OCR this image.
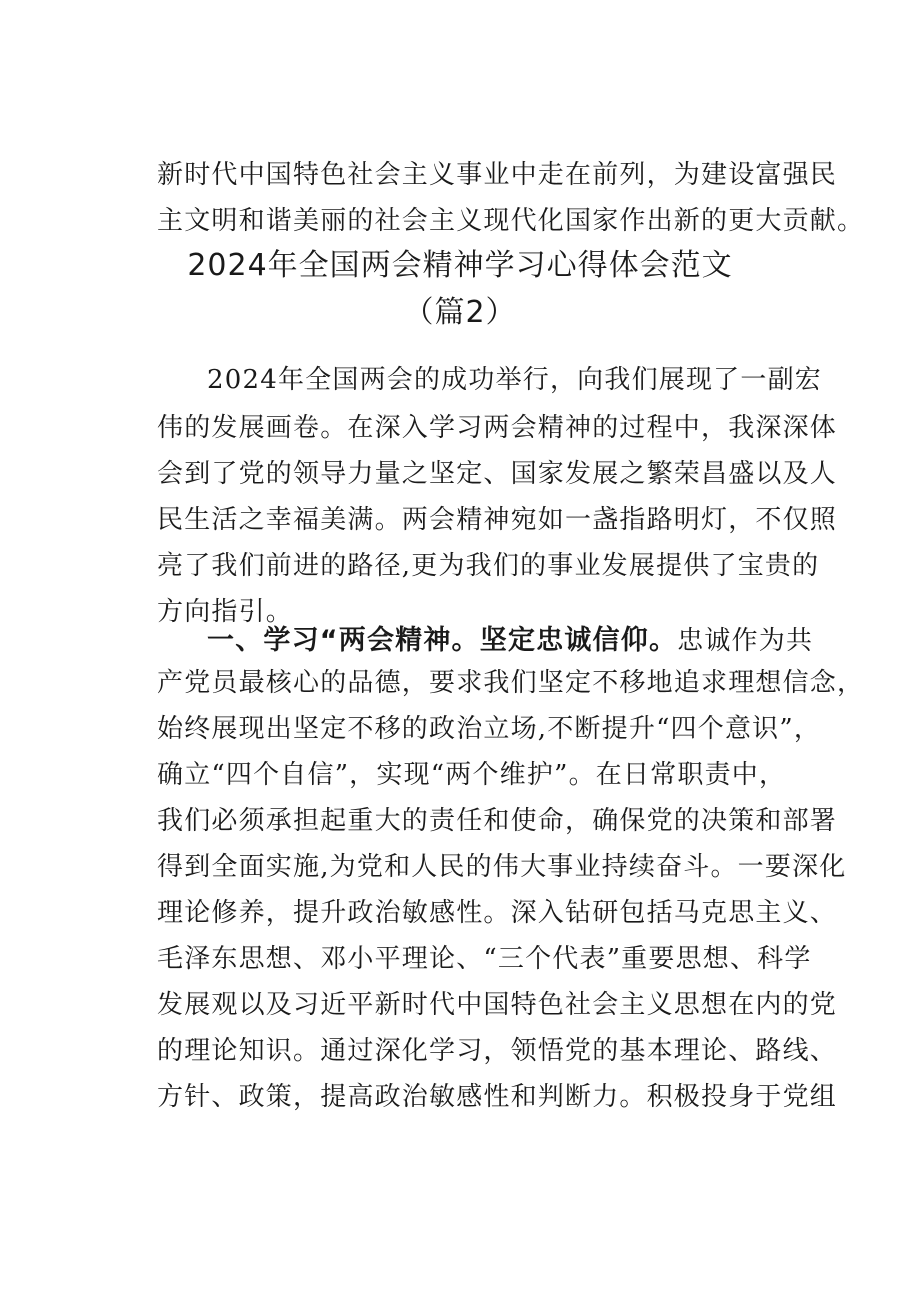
新时代中国特色社会主义事业中走在前列，为建设富强民
主文明和谐美丽的社会主义现代化国家作出新的更大贡献。
2024年全国两会精神学习心得体会范文
（篇2）
2024年全国两会的成功举行，向我们展现了一副宏
伟的发展画卷。在深入学习两会精神的过程中，我深深体
会到了党的领导力量之坚定、国家发展之繁荣昌盛以及人
民生活之幸福美满。两会精神宛如一盏指路明灯，不仅照
亮了我们前进的路径,更为我们的事业发展提供了宝贵的
方向指引。
一、学习“两会精神。坚定忠诚信仰。忠诚作为共
产党员最核心的品德，要求我们坚定不移地追求理想信念，
始终展现出坚定不移的政治立场,不断提升“四个意识”，
确立“四个自信”，实现“两个维护”。在日常职责中，
我们必须承担起重大的责任和使命，确保党的决策和部署
得到全面实施,为党和人民的伟大事业持续奋斗。一要深化
理论修养，提升政治敏感性。深入钻研包括马克思主义、
毛泽东思想、邓小平理论、“三个代表”重要思想、科学
发展观以及习近平新时代中国特色社会主义思想在内的党
的理论知识。通过深化学习，领悟党的基本理论、路线、
方针、政策，提高政治敏感性和判断力。积极投身于党组
